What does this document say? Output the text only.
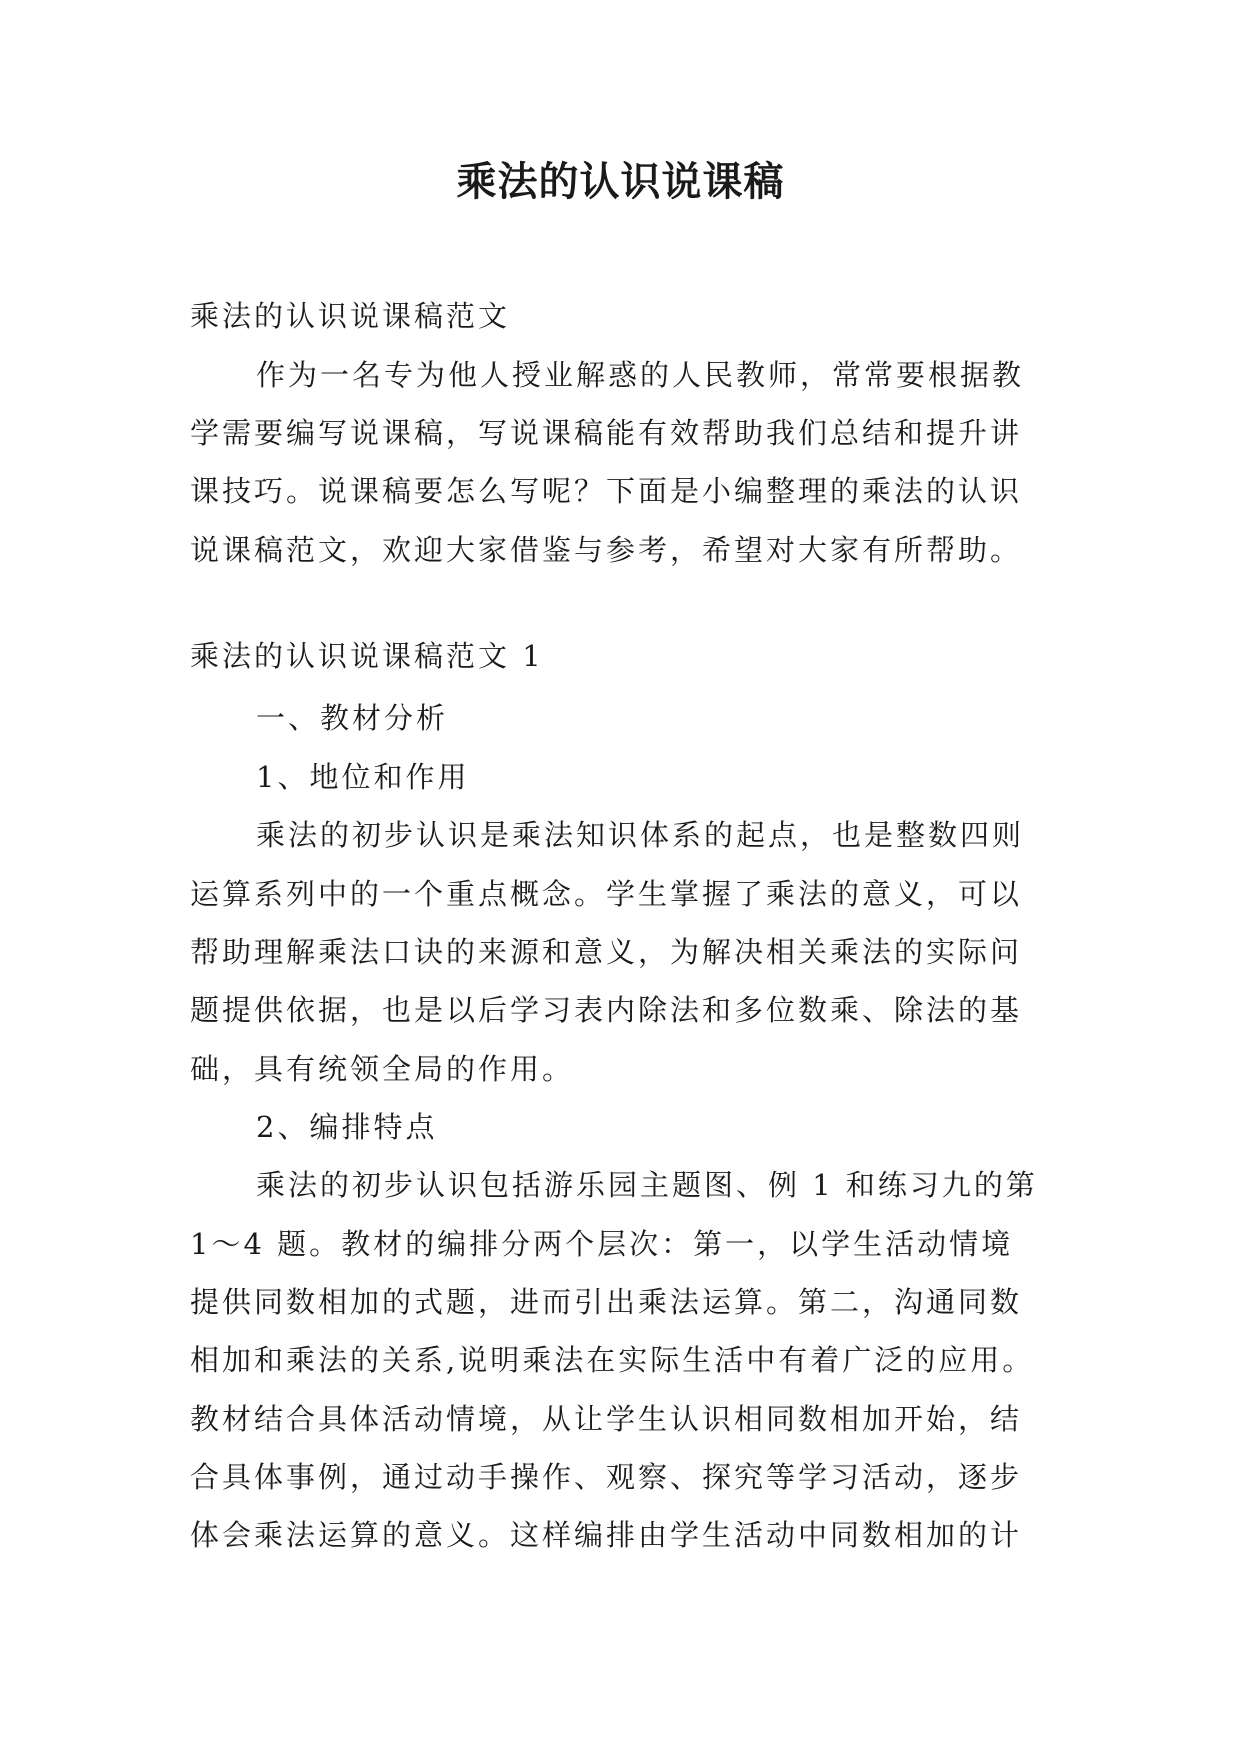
乘法的认识说课稿
乘法的认识说课稿范文
作为一名专为他人授业解惑的人民教师，常常要根据教
学需要编写说课稿，写说课稿能有效帮助我们总结和提升讲
课技巧。说课稿要怎么写呢？下面是小编整理的乘法的认识
说课稿范文，欢迎大家借鉴与参考，希望对大家有所帮助。
乘法的认识说课稿范文 1
一、教材分析
1、地位和作用
乘法的初步认识是乘法知识体系的起点，也是整数四则
运算系列中的一个重点概念。学生掌握了乘法的意义，可以
帮助理解乘法口诀的来源和意义，为解决相关乘法的实际问
题提供依据，也是以后学习表内除法和多位数乘、除法的基
础，具有统领全局的作用。
2、编排特点
乘法的初步认识包括游乐园主题图、例 1 和练习九的第
1～4 题。教材的编排分两个层次：第一，以学生活动情境
提供同数相加的式题，进而引出乘法运算。第二，沟通同数
相加和乘法的关系,说明乘法在实际生活中有着广泛的应用。
教材结合具体活动情境，从让学生认识相同数相加开始，结
合具体事例，通过动手操作、观察、探究等学习活动，逐步
体会乘法运算的意义。这样编排由学生活动中同数相加的计
